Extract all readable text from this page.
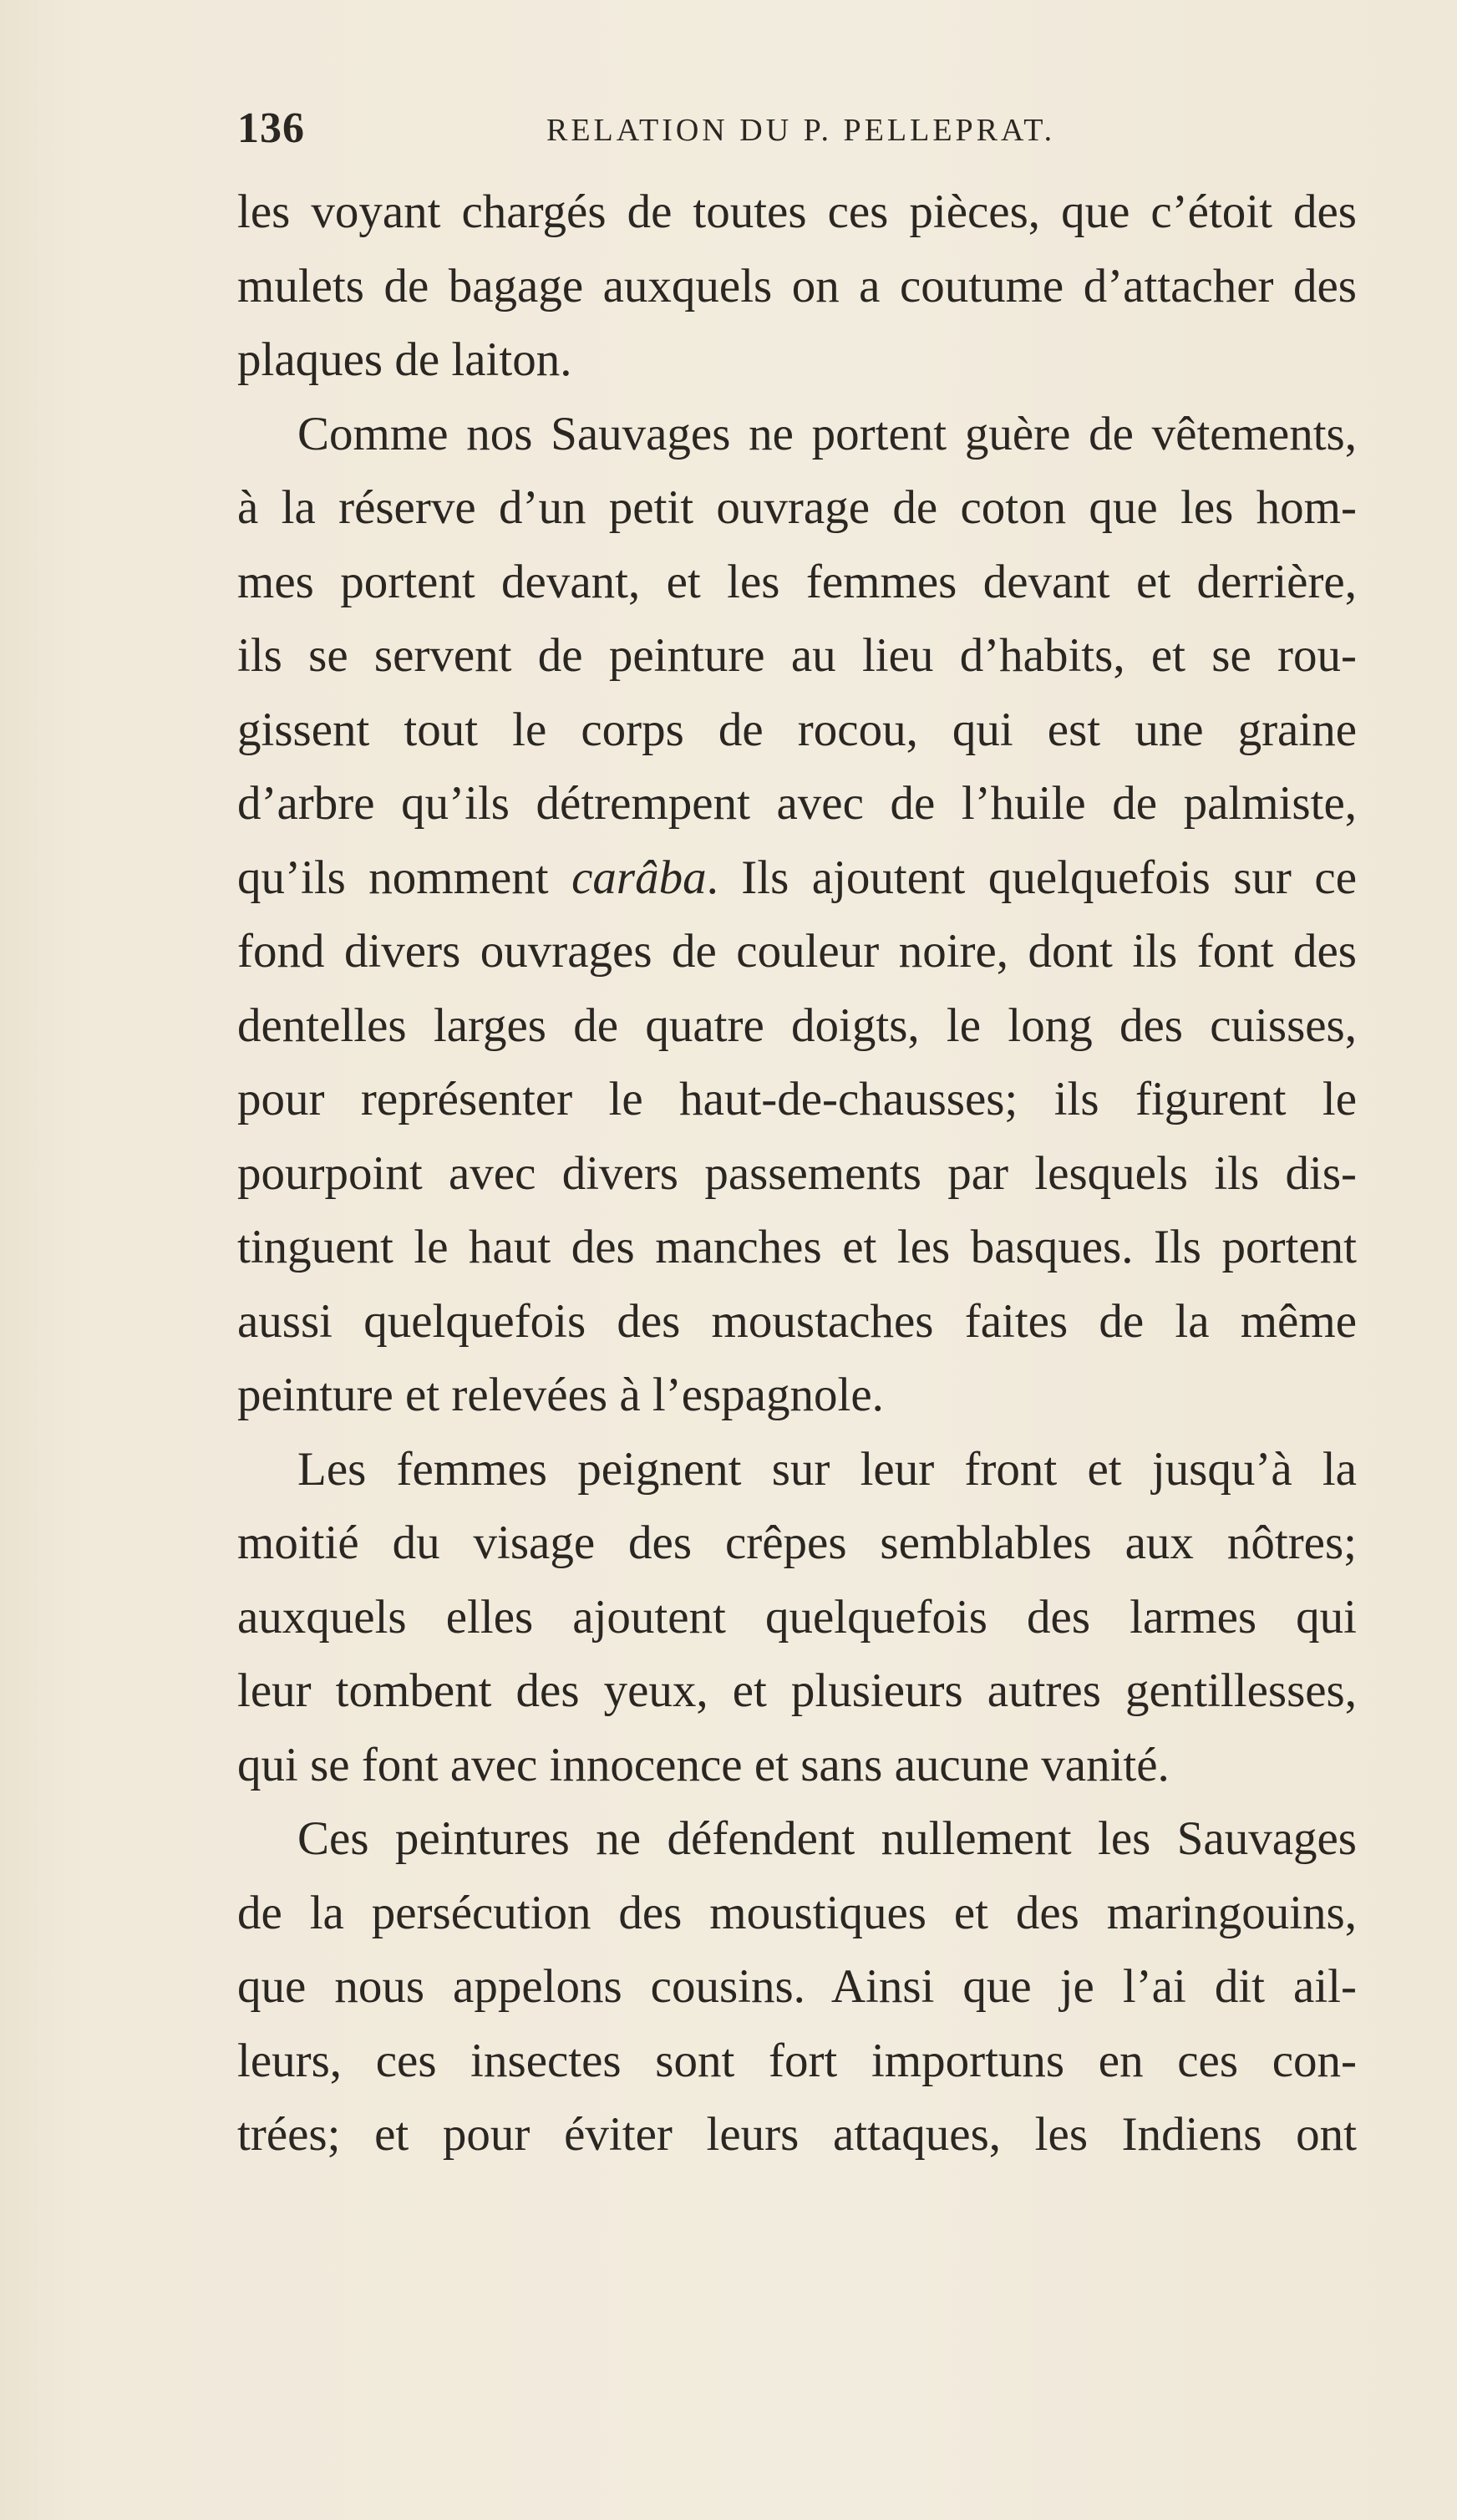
136	RELATION DU P. PELLEPRAT.
les voyant chargés de toutes ces pièces, que c’étoit des
mulets de bagage auxquels on a coutume d’attacher des
plaques de laiton.
Comme nos Sauvages ne portent guère de vêtements,
à la réserve d’un petit ouvrage de coton que les hom-
mes portent devant, et les femmes devant et derrière,
ils se servent de peinture au lieu d’habits, et se rou-
gissent tout le corps de rocou, qui est une graine
d’arbre qu’ils détrempent avec de l’huile de palmiste,
qu’ils nomment carâba. Ils ajoutent quelquefois sur ce
fond divers ouvrages de couleur noire, dont ils font des
dentelles larges de quatre doigts, le long des cuisses,
pour représenter le haut-de-chausses; ils figurent le
pourpoint avec divers passements par lesquels ils dis-
tinguent le haut des manches et les basques. Ils portent
aussi quelquefois des moustaches faites de la même
peinture et relevées à l’espagnole.
Les femmes peignent sur leur front et jusqu’à la
moitié du visage des crêpes semblables aux nôtres;
auxquels elles ajoutent quelquefois des larmes qui
leur tombent des yeux, et plusieurs autres gentillesses,
qui se font avec innocence et sans aucune vanité.
Ces peintures ne défendent nullement les Sauvages
de la persécution des moustiques et des maringouins,
que nous appelons cousins. Ainsi que je l’ai dit ail-
leurs, ces insectes sont fort importuns en ces con-
trées; et pour éviter leurs attaques, les Indiens ont
